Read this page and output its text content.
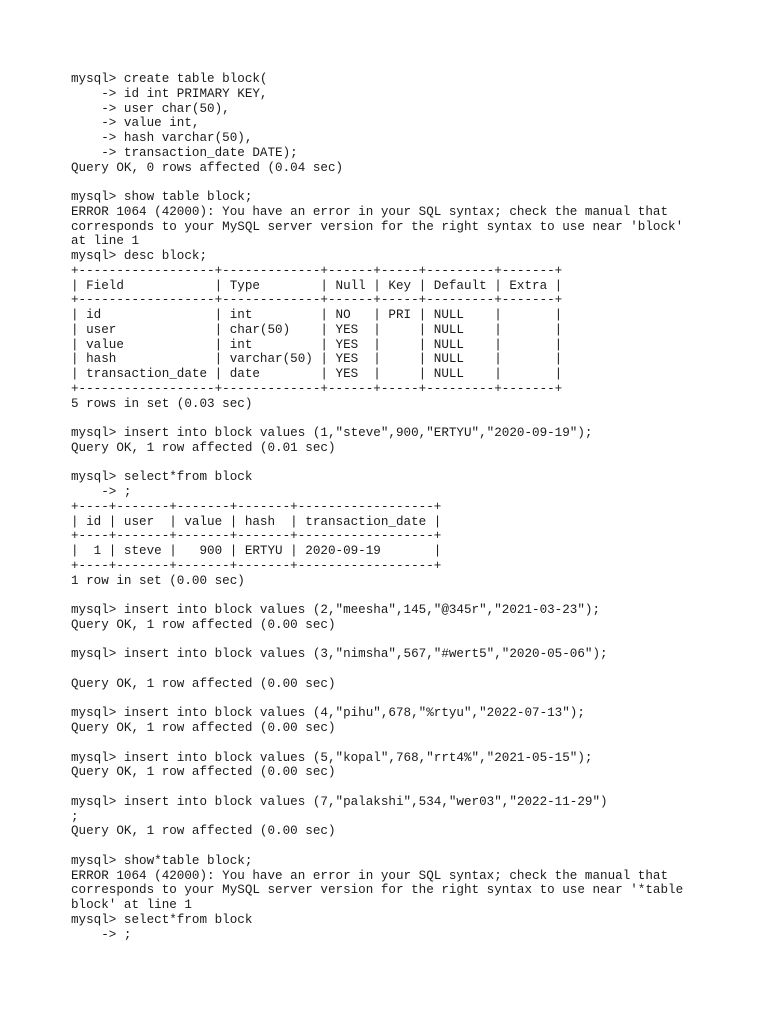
mysql> create table block(
-> id int PRIMARY KEY,
-> user char(50),
-> value int,
-> hash varchar(50),
-> transaction_date DATE);
Query OK, 0 rows affected (0.04 sec)
mysql> show table block;
ERROR 1064 (42000): You have an error in your SQL syntax; check the manual that
corresponds to your MySQL server version for the right syntax to use near 'block'
at line 1
mysql> desc block;
+------------------+-------------+------+-----+---------+-------+
| Field            | Type        | Null | Key | Default | Extra |
+------------------+-------------+------+-----+---------+-------+
| id               | int         | NO   | PRI | NULL    |       |
| user             | char(50)    | YES  |     | NULL    |       |
| value            | int         | YES  |     | NULL    |       |
| hash             | varchar(50) | YES  |     | NULL    |       |
| transaction_date | date        | YES  |     | NULL    |       |
+------------------+-------------+------+-----+---------+-------+
5 rows in set (0.03 sec)
mysql> insert into block values (1,"steve",900,"ERTYU","2020-09-19");
Query OK, 1 row affected (0.01 sec)
mysql> select*from block
-> ;
+----+-------+-------+-------+------------------+
| id | user  | value | hash  | transaction_date |
+----+-------+-------+-------+------------------+
|  1 | steve |   900 | ERTYU | 2020-09-19       |
+----+-------+-------+-------+------------------+
1 row in set (0.00 sec)
mysql> insert into block values (2,"meesha",145,"@345r","2021-03-23");
Query OK, 1 row affected (0.00 sec)
mysql> insert into block values (3,"nimsha",567,"#wert5","2020-05-06");
Query OK, 1 row affected (0.00 sec)
mysql> insert into block values (4,"pihu",678,"%rtyu","2022-07-13");
Query OK, 1 row affected (0.00 sec)
mysql> insert into block values (5,"kopal",768,"rrt4%","2021-05-15");
Query OK, 1 row affected (0.00 sec)
mysql> insert into block values (7,"palakshi",534,"wer03","2022-11-29")
;
Query OK, 1 row affected (0.00 sec)
mysql> show*table block;
ERROR 1064 (42000): You have an error in your SQL syntax; check the manual that
corresponds to your MySQL server version for the right syntax to use near '*table
block' at line 1
mysql> select*from block
-> ;
